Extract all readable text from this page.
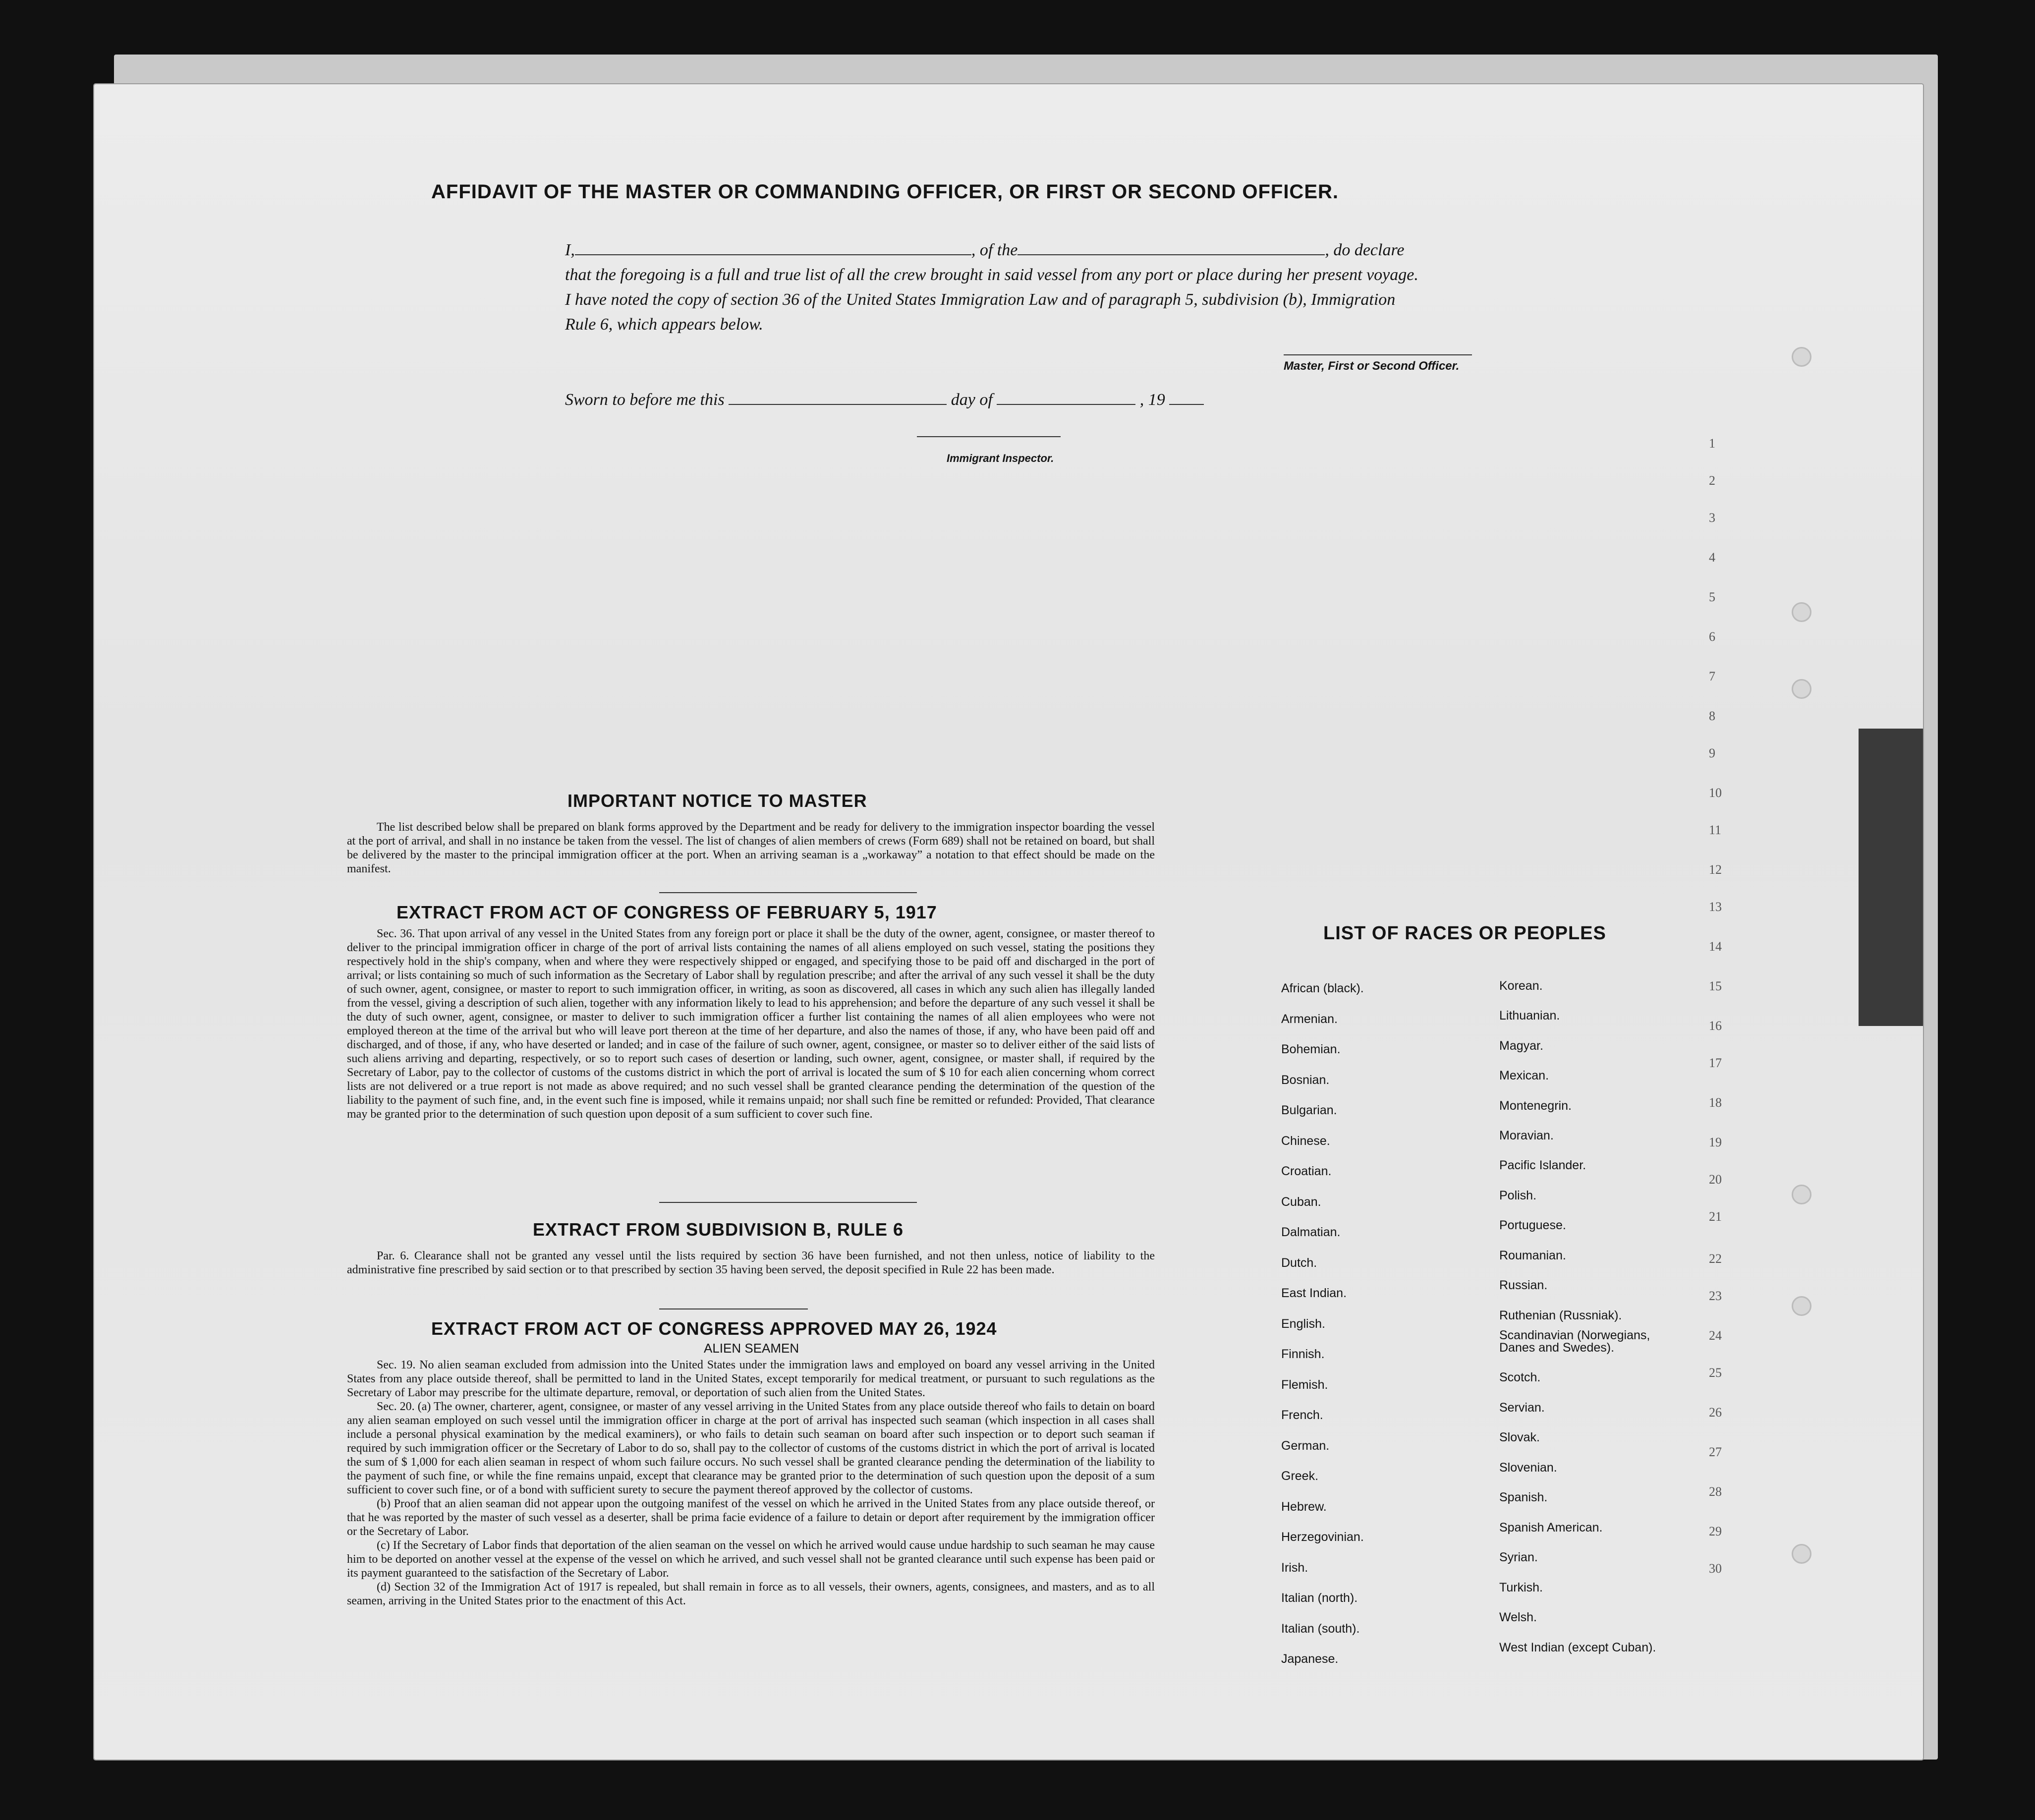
1
2
3
4
5
6
7
8
9
10
11
12
13
14
15
16
17
18
19
20
21
22
23
24
25
26
27
28
29
30
AFFIDAVIT OF THE MASTER OR COMMANDING OFFICER, OR FIRST OR SECOND OFFICER.

I,	, of the	, do declare

that the foregoing is a full and true list of all the crew brought in said vessel from any port or place during her present voyage.

I have noted the copy of section 36 of the United States Immigration Law and of paragraph 5, subdivision (b), Immigration

Rule 6, which appears below.

Master, First or Second Officer.
Sworn to before me this	day of	, 19
Immigrant Inspector.
IMPORTANT NOTICE TO MASTER

The list described below shall be prepared on blank forms approved by the Department and be ready for delivery to the immigration inspector boarding the vessel at the port of arrival, and shall in no instance be taken from the vessel. The list of changes of alien members of crews (Form 689) shall not be retained on board, but shall be delivered by the master to the principal immigration officer at the port. When an arriving seaman is a „workaway” a notation to that effect should be made on the manifest.

EXTRACT FROM ACT OF CONGRESS OF FEBRUARY 5, 1917

Sec. 36. That upon arrival of any vessel in the United States from any foreign port or place it shall be the duty of the owner, agent, consignee, or master thereof to deliver to the principal immigration officer in charge of the port of arrival lists containing the names of all aliens employed on such vessel, stating the positions they respectively hold in the ship's company, when and where they were respectively shipped or engaged, and specifying those to be paid off and discharged in the port of arrival; or lists containing so much of such information as the Secretary of Labor shall by regulation prescribe; and after the arrival of any such vessel it shall be the duty of such owner, agent, consignee, or master to report to such immigration officer, in writing, as soon as discovered, all cases in which any such alien has illegally landed from the vessel, giving a description of such alien, together with any information likely to lead to his apprehension; and before the departure of any such vessel it shall be the duty of such owner, agent, consignee, or master to deliver to such immigration officer a further list containing the names of all alien employees who were not employed thereon at the time of the arrival but who will leave port thereon at the time of her departure, and also the names of those, if any, who have been paid off and discharged, and of those, if any, who have deserted or landed; and in case of the failure of such owner, agent, consignee, or master so to deliver either of the said lists of such aliens arriving and departing, respectively, or so to report such cases of desertion or landing, such owner, agent, consignee, or master shall, if required by the Secretary of Labor, pay to the collector of customs of the customs district in which the port of arrival is located the sum of $ 10 for each alien concerning whom correct lists are not delivered or a true report is not made as above required; and no such vessel shall be granted clearance pending the determination of the question of the liability to the payment of such fine, and, in the event such fine is imposed, while it remains unpaid; nor shall such fine be remitted or refunded: Provided, That clearance may be granted prior to the determination of such question upon deposit of a sum sufficient to cover such fine.

EXTRACT FROM SUBDIVISION B, RULE 6

Par. 6. Clearance shall not be granted any vessel until the lists required by section 36 have been furnished, and not then unless, notice of liability to the administrative fine prescribed by said section or to that prescribed by section 35 having been served, the deposit specified in Rule 22 has been made.

EXTRACT FROM ACT OF CONGRESS APPROVED MAY 26, 1924
ALIEN SEAMEN

Sec. 19. No alien seaman excluded from admission into the United States under the immigration laws and employed on board any vessel arriving in the United States from any place outside thereof, shall be permitted to land in the United States, except temporarily for medical treatment, or pursuant to such regulations as the Secretary of Labor may prescribe for the ultimate departure, removal, or deportation of such alien from the United States.

Sec. 20. (a) The owner, charterer, agent, consignee, or master of any vessel arriving in the United States from any place outside thereof who fails to detain on board any alien seaman employed on such vessel until the immigration officer in charge at the port of arrival has inspected such seaman (which inspection in all cases shall include a personal physical examination by the medical examiners), or who fails to detain such seaman on board after such inspection or to deport such seaman if required by such immigration officer or the Secretary of Labor to do so, shall pay to the collector of customs of the customs district in which the port of arrival is located the sum of $ 1,000 for each alien seaman in respect of whom such failure occurs. No such vessel shall be granted clearance pending the determination of the liability to the payment of such fine, or while the fine remains unpaid, except that clearance may be granted prior to the determination of such question upon the deposit of a sum sufficient to cover such fine, or of a bond with sufficient surety to secure the payment thereof approved by the collector of customs.

(b) Proof that an alien seaman did not appear upon the outgoing manifest of the vessel on which he arrived in the United States from any place outside thereof, or that he was reported by the master of such vessel as a deserter, shall be prima facie evidence of a failure to detain or deport after requirement by the immigration officer or the Secretary of Labor.

(c) If the Secretary of Labor finds that deportation of the alien seaman on the vessel on which he arrived would cause undue hardship to such seaman he may cause him to be deported on another vessel at the expense of the vessel on which he arrived, and such vessel shall not be granted clearance until such expense has been paid or its payment guaranteed to the satisfaction of the Secretary of Labor.

(d) Section 32 of the Immigration Act of 1917 is repealed, but shall remain in force as to all vessels, their owners, agents, consignees, and masters, and as to all seamen, arriving in the United States prior to the enactment of this Act.

LIST OF RACES OR PEOPLES
African (black).
Armenian.
Bohemian.
Bosnian.
Bulgarian.
Chinese.
Croatian.
Cuban.
Dalmatian.
Dutch.
East Indian.
English.
Finnish.
Flemish.
French.
German.
Greek.
Hebrew.
Herzegovinian.
Irish.
Italian (north).
Italian (south).
Japanese.
Korean.
Lithuanian.
Magyar.
Mexican.
Montenegrin.
Moravian.
Pacific Islander.
Polish.
Portuguese.
Roumanian.
Russian.
Ruthenian (Russniak).
Scandinavian (Norwegians,
Danes and Swedes).
Scotch.
Servian.
Slovak.
Slovenian.
Spanish.
Spanish American.
Syrian.
Turkish.
Welsh.
West Indian (except Cuban).
